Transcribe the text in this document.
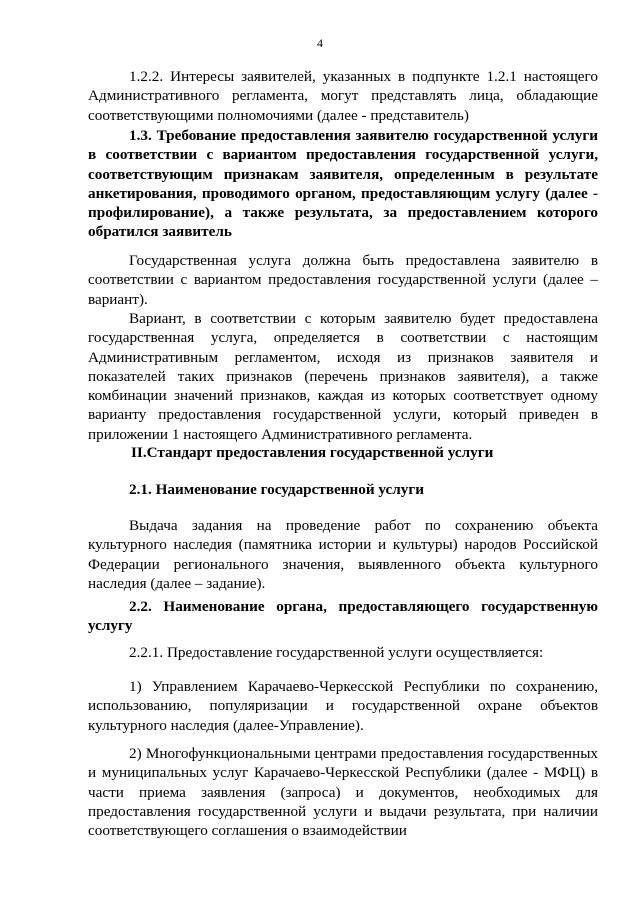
4

1.2.2. Интересы заявителей, указанных в подпункте 1.2.1 настоящего Административного регламента, могут представлять лица, обладающие соответствующими полномочиями (далее - представитель)

1.3. Требование предоставления заявителю государственной услуги в соответствии с вариантом предоставления государственной услуги, соответствующим признакам заявителя, определенным в результате анкетирования, проводимого органом, предоставляющим услугу (далее - профилирование), а также результата, за предоставлением которого обратился заявитель

Государственная услуга должна быть предоставлена заявителю в соответствии с вариантом предоставления государственной услуги (далее – вариант).

Вариант, в соответствии с которым заявителю будет предоставлена государственная услуга, определяется в соответствии с настоящим Административным регламентом, исходя из признаков заявителя и показателей таких признаков (перечень признаков заявителя), а также комбинации значений признаков, каждая из которых соответствует одному варианту предоставления государственной услуги, который приведен в приложении 1 настоящего Административного регламента.

II.Стандарт предоставления государственной услуги

2.1. Наименование государственной услуги

Выдача задания на проведение работ по сохранению объекта культурного наследия (памятника истории и культуры) народов Российской Федерации регионального значения, выявленного объекта культурного наследия (далее – задание).

2.2. Наименование органа, предоставляющего государственную услугу

2.2.1. Предоставление государственной услуги осуществляется:

1) Управлением Карачаево-Черкесской Республики по сохранению, использованию, популяризации и государственной охране объектов культурного наследия (далее-Управление).

2) Многофункциональными центрами предоставления государственных и муниципальных услуг Карачаево-Черкесской Республики (далее - МФЦ) в части приема заявления (запроса) и документов, необходимых для предоставления государственной услуги и выдачи результата, при наличии соответствующего соглашения о взаимодействии
